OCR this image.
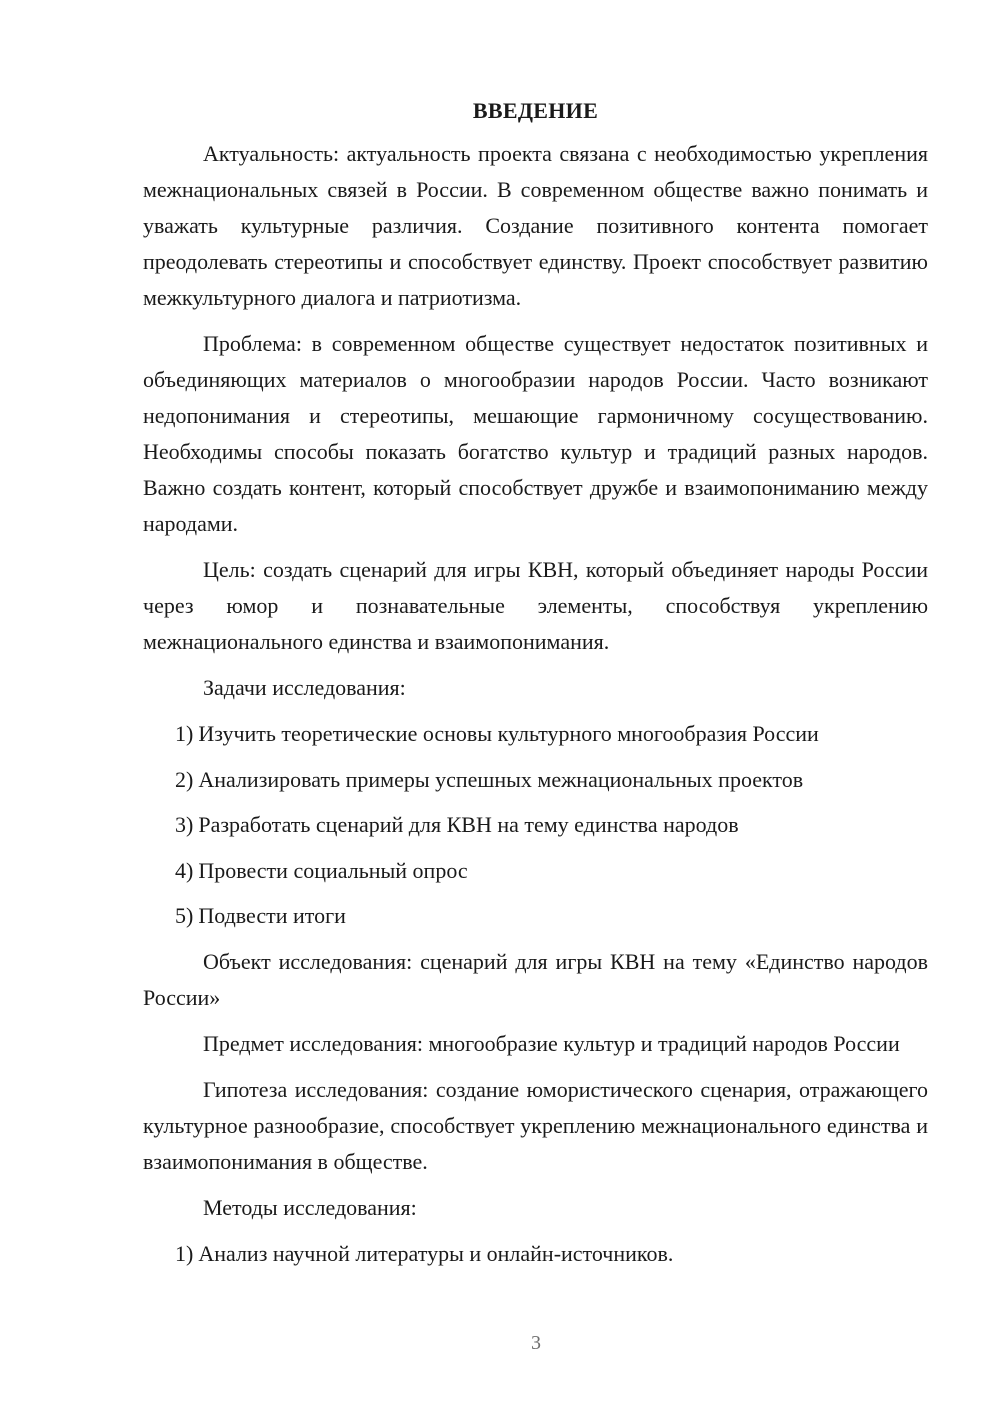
ВВЕДЕНИЕ

Актуальность: актуальность проекта связана с необходимостью укрепления межнациональных связей в России. В современном обществе важно понимать и уважать культурные различия. Создание позитивного контента помогает преодолевать стереотипы и способствует единству. Проект способствует развитию межкультурного диалога и патриотизма.

Проблема: в современном обществе существует недостаток позитивных и объединяющих материалов о многообразии народов России. Часто возникают недопонимания и стереотипы, мешающие гармоничному сосуществованию. Необходимы способы показать богатство культур и традиций разных народов. Важно создать контент, который способствует дружбе и взаимопониманию между народами.

Цель: создать сценарий для игры КВН, который объединяет народы России через юмор и познавательные элементы, способствуя укреплению межнационального единства и взаимопонимания.

Задачи исследования:

1) Изучить теоретические основы культурного многообразия России
2) Анализировать примеры успешных межнациональных проектов
3) Разработать сценарий для КВН на тему единства народов
4) Провести социальный опрос
5) Подвести итоги

Объект исследования: сценарий для игры КВН на тему «Единство народов России»

Предмет исследования: многообразие культур и традиций народов России

Гипотеза исследования: создание юмористического сценария, отражающего культурное разнообразие, способствует укреплению межнационального единства и взаимопонимания в обществе.

Методы исследования:

1) Анализ научной литературы и онлайн-источников.
3
